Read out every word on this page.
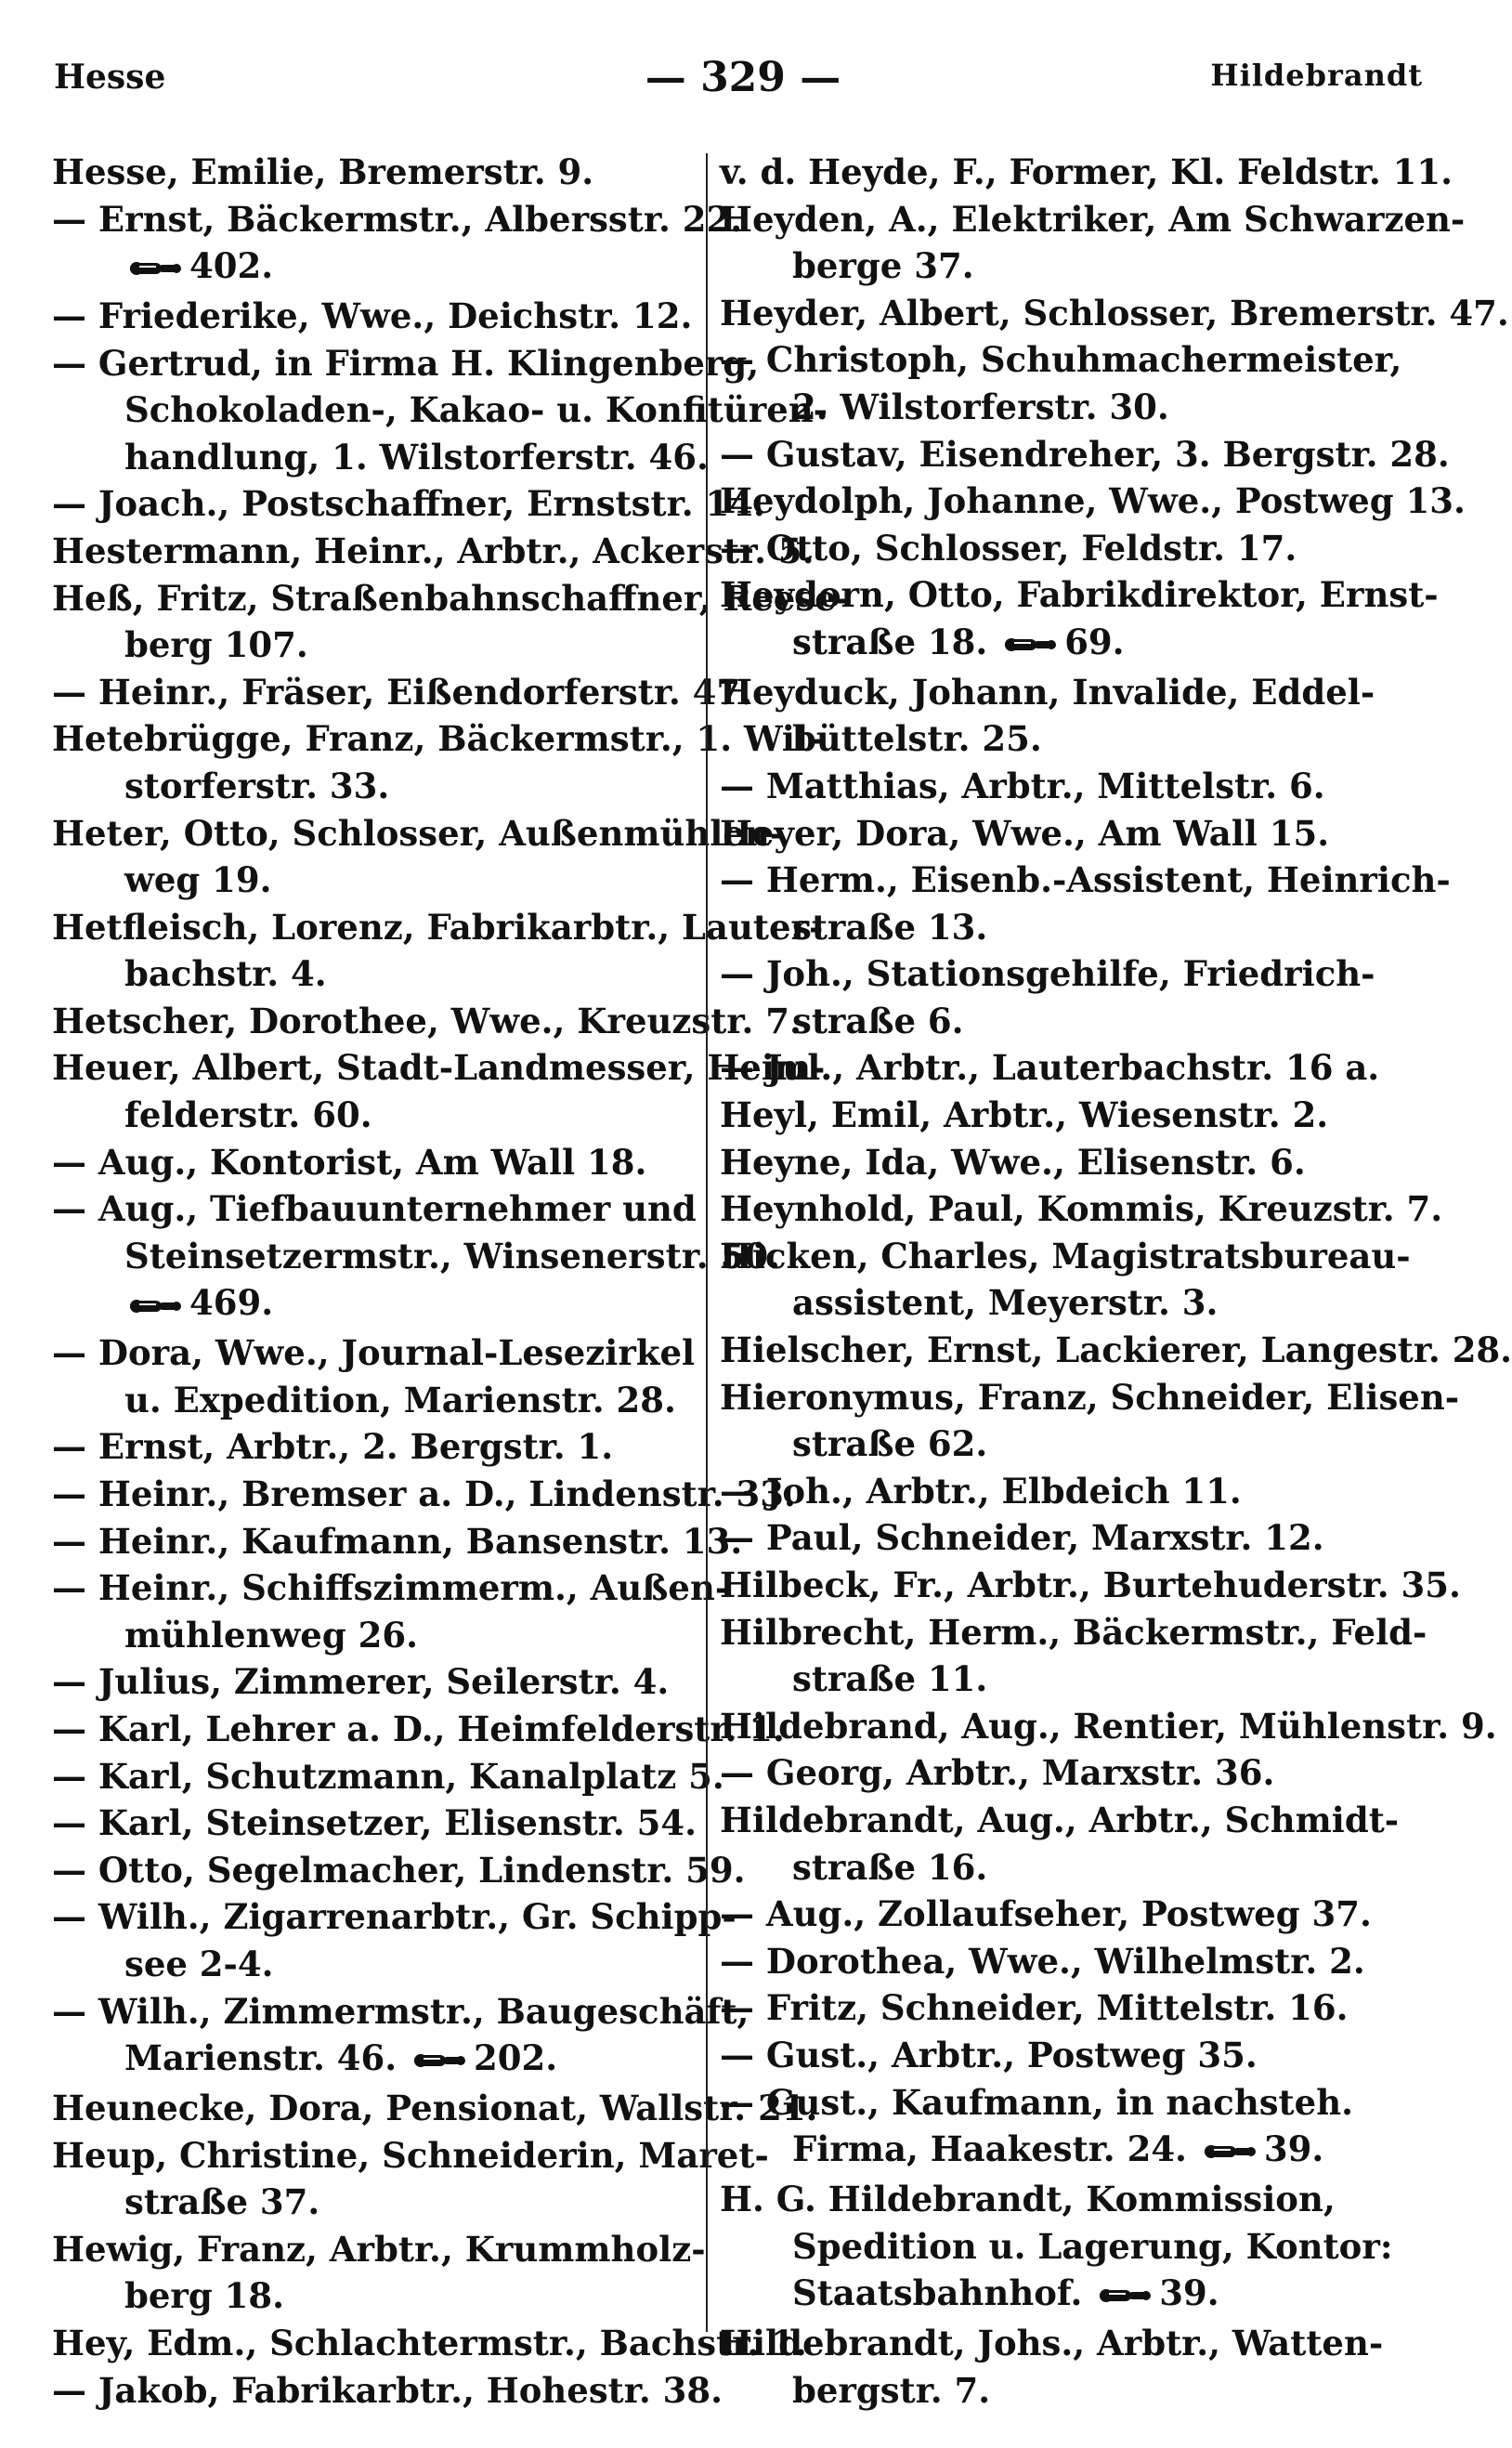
Hesse	— 329 —	Hildebrandt
Hesse, Emilie, Bremerstr. 9.
— Ernst, Bäckermstr., Albersstr. 22.
402.
— Friederike, Wwe., Deichstr. 12.
— Gertrud, in Firma H. Klingenberg,
Schokoladen-, Kakao- u. Konfitüren-
handlung, 1. Wilstorferstr. 46.
— Joach., Postschaffner, Ernststr. 14.
Hestermann, Heinr., Arbtr., Ackerstr. 5.
Heß, Fritz, Straßenbahnschaffner, Reese-
berg 107.
— Heinr., Fräser, Eißendorferstr. 47.
Hetebrügge, Franz, Bäckermstr., 1. Wil-
storferstr. 33.
Heter, Otto, Schlosser, Außenmühlen-
weg 19.
Hetfleisch, Lorenz, Fabrikarbtr., Lauter-
bachstr. 4.
Hetscher, Dorothee, Wwe., Kreuzstr. 7.
Heuer, Albert, Stadt-Landmesser, Heim-
felderstr. 60.
— Aug., Kontorist, Am Wall 18.
— Aug., Tiefbauunternehmer und
Steinsetzermstr., Winsenerstr. 50.
469.
— Dora, Wwe., Journal-Lesezirkel
u. Expedition, Marienstr. 28.
— Ernst, Arbtr., 2. Bergstr. 1.
— Heinr., Bremser a. D., Lindenstr. 33.
— Heinr., Kaufmann, Bansenstr. 13.
— Heinr., Schiffszimmerm., Außen-
mühlenweg 26.
— Julius, Zimmerer, Seilerstr. 4.
— Karl, Lehrer a. D., Heimfelderstr. 1.
— Karl, Schutzmann, Kanalplatz 5.
— Karl, Steinsetzer, Elisenstr. 54.
— Otto, Segelmacher, Lindenstr. 59.
— Wilh., Zigarrenarbtr., Gr. Schipp-
see 2-4.
— Wilh., Zimmermstr., Baugeschäft,
Marienstr. 46. 202.
Heunecke, Dora, Pensionat, Wallstr. 21.
Heup, Christine, Schneiderin, Maret-
straße 37.
Hewig, Franz, Arbtr., Krummholz-
berg 18.
Hey, Edm., Schlachtermstr., Bachstr. 1.
— Jakob, Fabrikarbtr., Hohestr. 38.
v. d. Heyde, F., Former, Kl. Feldstr. 11.
Heyden, A., Elektriker, Am Schwarzen-
berge 37.
Heyder, Albert, Schlosser, Bremerstr. 47.
— Christoph, Schuhmachermeister,
2. Wilstorferstr. 30.
— Gustav, Eisendreher, 3. Bergstr. 28.
Heydolph, Johanne, Wwe., Postweg 13.
— Otto, Schlosser, Feldstr. 17.
Heydorn, Otto, Fabrikdirektor, Ernst-
straße 18. 69.
Heyduck, Johann, Invalide, Eddel-
büttelstr. 25.
— Matthias, Arbtr., Mittelstr. 6.
Heyer, Dora, Wwe., Am Wall 15.
— Herm., Eisenb.-Assistent, Heinrich-
straße 13.
— Joh., Stationsgehilfe, Friedrich-
straße 6.
— Jul., Arbtr., Lauterbachstr. 16 a.
Heyl, Emil, Arbtr., Wiesenstr. 2.
Heyne, Ida, Wwe., Elisenstr. 6.
Heynhold, Paul, Kommis, Kreuzstr. 7.
Hicken, Charles, Magistratsbureau-
assistent, Meyerstr. 3.
Hielscher, Ernst, Lackierer, Langestr. 28.
Hieronymus, Franz, Schneider, Elisen-
straße 62.
— Joh., Arbtr., Elbdeich 11.
— Paul, Schneider, Marxstr. 12.
Hilbeck, Fr., Arbtr., Burtehuderstr. 35.
Hilbrecht, Herm., Bäckermstr., Feld-
straße 11.
Hildebrand, Aug., Rentier, Mühlenstr. 9.
— Georg, Arbtr., Marxstr. 36.
Hildebrandt, Aug., Arbtr., Schmidt-
straße 16.
— Aug., Zollaufseher, Postweg 37.
— Dorothea, Wwe., Wilhelmstr. 2.
— Fritz, Schneider, Mittelstr. 16.
— Gust., Arbtr., Postweg 35.
— Gust., Kaufmann, in nachsteh.
Firma, Haakestr. 24. 39.
H. G. Hildebrandt, Kommission,
Spedition u. Lagerung, Kontor:
Staatsbahnhof. 39.
Hildebrandt, Johs., Arbtr., Watten-
bergstr. 7.
